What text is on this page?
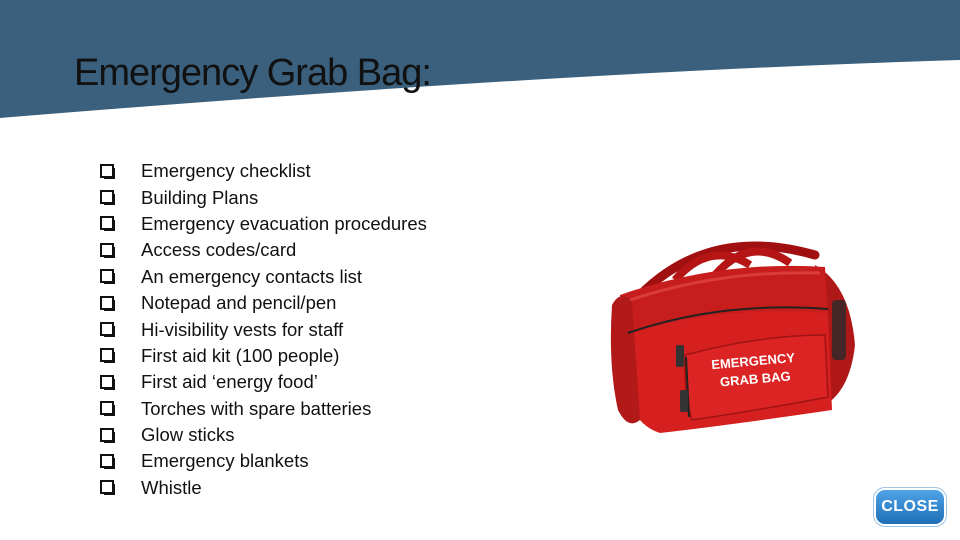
Emergency Grab Bag:
Emergency checklist
Building Plans
Emergency evacuation procedures
Access codes/card
An emergency contacts list
Notepad and pencil/pen
Hi-visibility vests for staff
First aid kit (100 people)
First aid ‘energy food’
Torches with spare batteries
Glow sticks
Emergency blankets
Whistle
EMERGENCY
GRAB BAG
CLOSE
